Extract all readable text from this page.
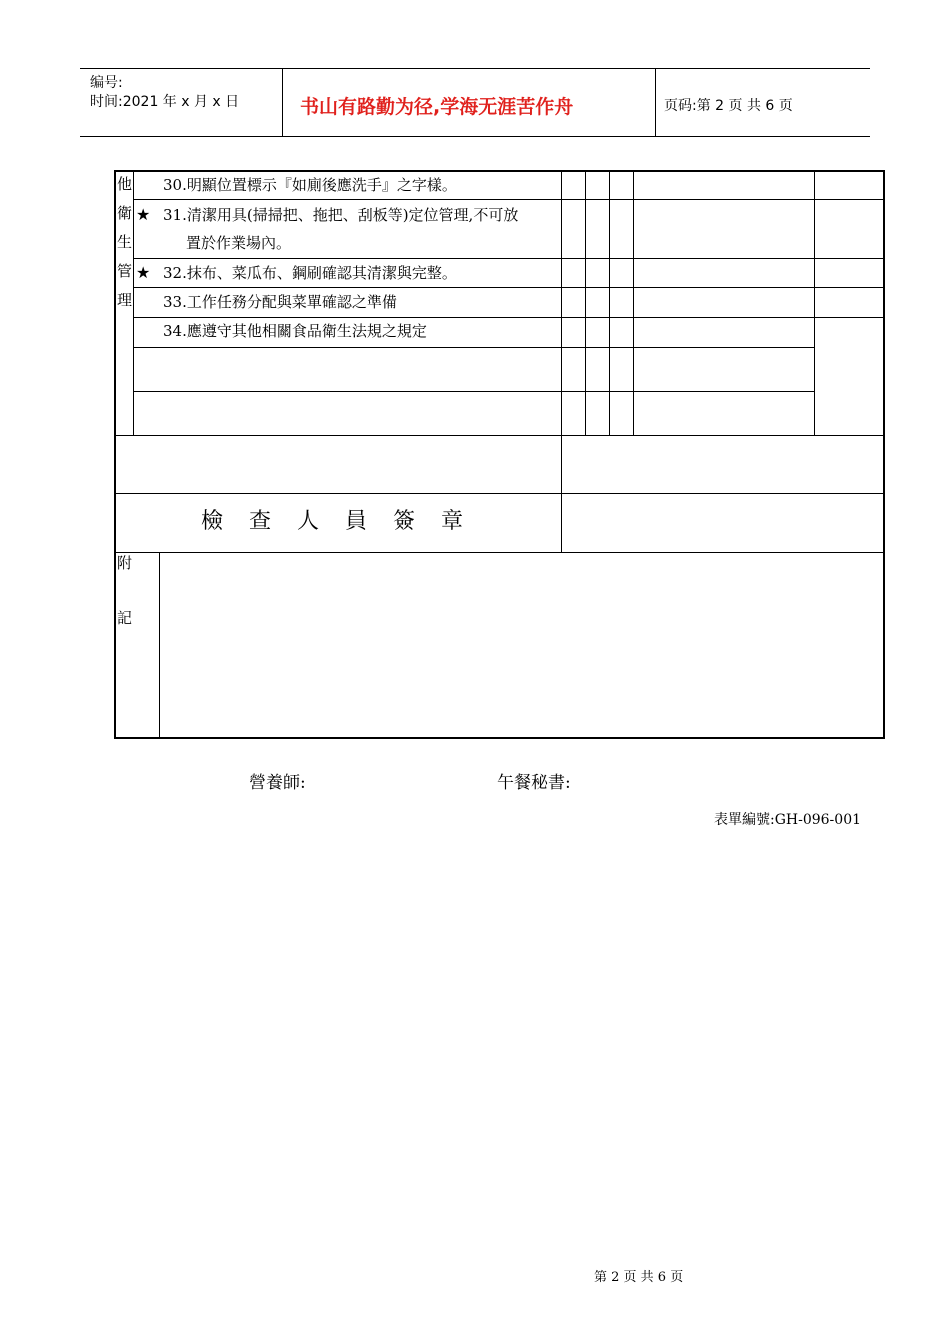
编号:
时间:2021 年 x 月 x 日	书山有路勤为径,学海无涯苦作舟	页码:第 2 页 共 6 页
他
衛
生
管
理
30.明顯位置標示『如廁後應洗手』之字樣。
★ 31.清潔用具(掃掃把、拖把、刮板等)定位管理,不可放
置於作業場內。
★ 32.抹布、菜瓜布、鋼刷確認其清潔與完整。
33.工作任務分配與菜單確認之準備
34.應遵守其他相關食品衛生法規之規定
檢查人員簽章
附
記
營養師:	午餐秘書:
表單編號:GH-096-001
第 2 页 共 6 页
